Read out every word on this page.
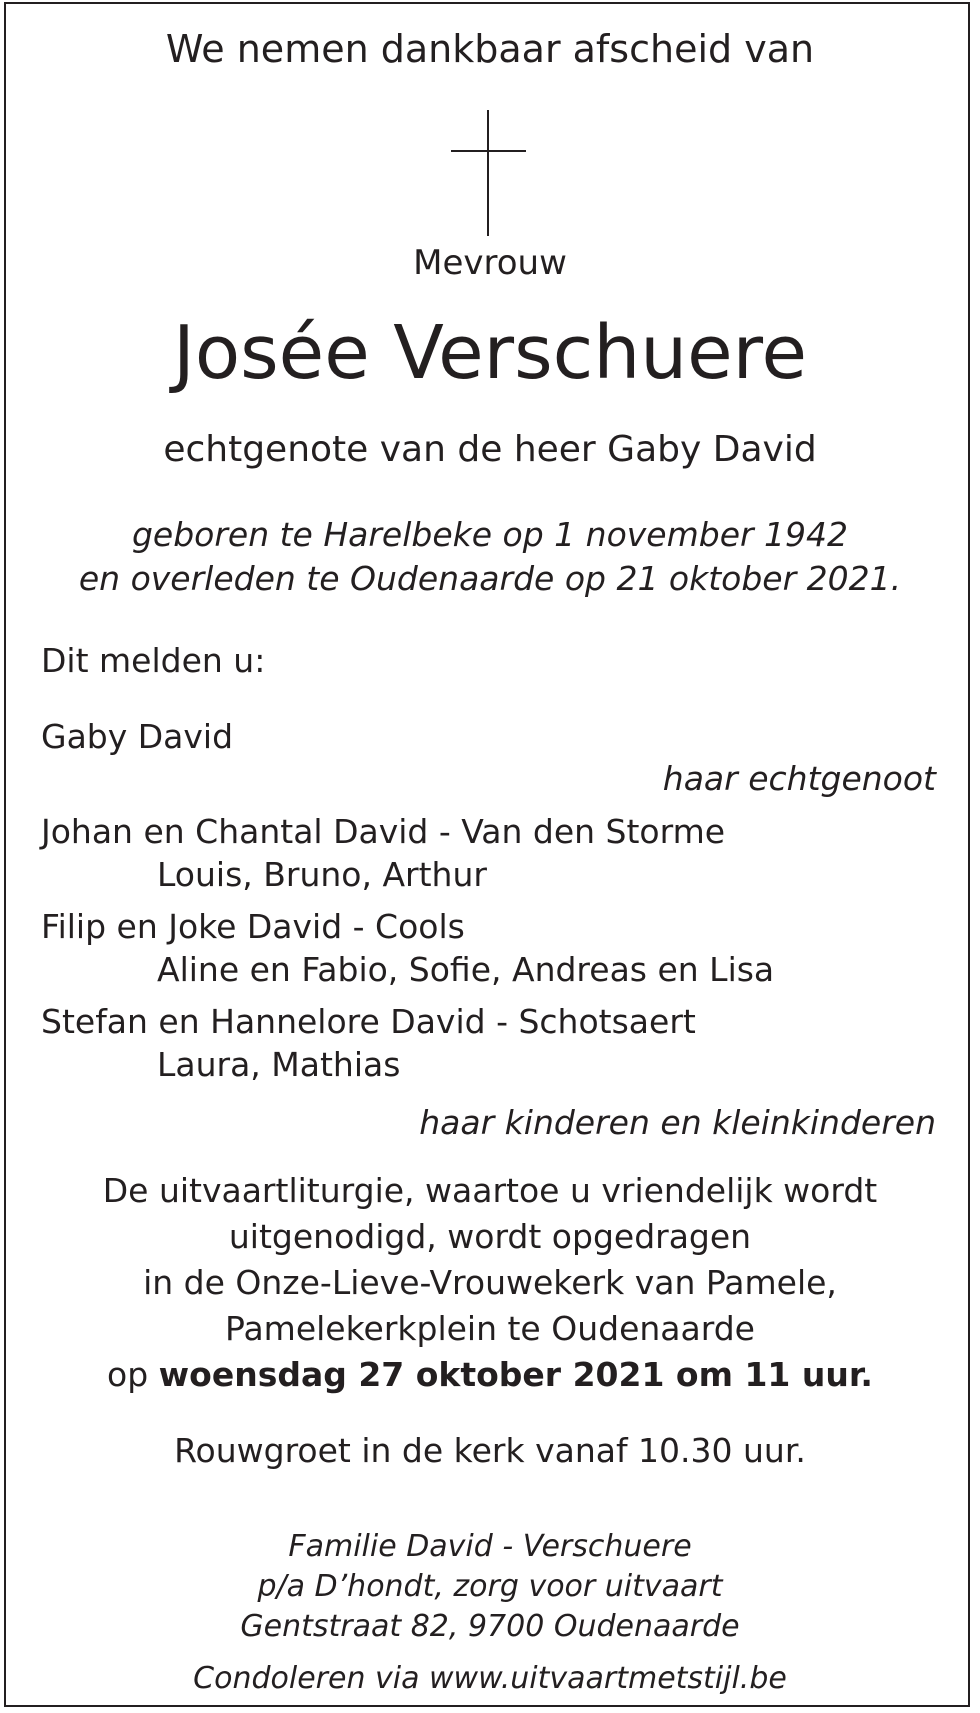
We nemen dankbaar afscheid van
Mevrouw
Josée Verschuere
echtgenote van de heer Gaby David
geboren te Harelbeke op 1 november 1942
en overleden te Oudenaarde op 21 oktober 2021.
Dit melden u:
Gaby David
haar echtgenoot
Johan en Chantal David - Van den Storme
Louis, Bruno, Arthur
Filip en Joke David - Cools
Aline en Fabio, Sofie, Andreas en Lisa
Stefan en Hannelore David - Schotsaert
Laura, Mathias
haar kinderen en kleinkinderen
De uitvaartliturgie, waartoe u vriendelijk wordt
uitgenodigd, wordt opgedragen
in de Onze-Lieve-Vrouwekerk van Pamele,
Pamelekerkplein te Oudenaarde
op woensdag 27 oktober 2021 om 11 uur.
Rouwgroet in de kerk vanaf 10.30 uur.
Familie David - Verschuere
p/a D’hondt, zorg voor uitvaart
Gentstraat 82, 9700 Oudenaarde
Condoleren via www.uitvaartmetstijl.be
